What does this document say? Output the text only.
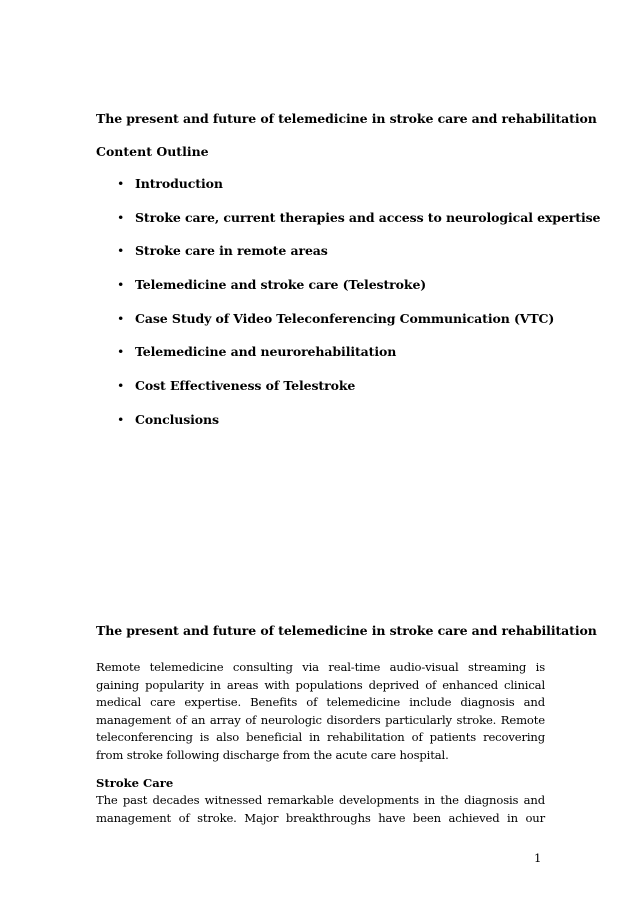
The present and future of telemedicine in stroke care and rehabilitation
Content Outline
• Introduction
• Stroke care, current therapies and access to neurological expertise
• Stroke care in remote areas
• Telemedicine and stroke care (Telestroke)
• Case Study of Video Teleconferencing Communication (VTC)
• Telemedicine and neurorehabilitation
• Cost Effectiveness of Telestroke
• Conclusions
The present and future of telemedicine in stroke care and rehabilitation

Remote telemedicine consulting via real-time audio-visual streaming is gaining popularity in areas with populations deprived of enhanced clinical medical care expertise. Benefits of telemedicine include diagnosis and management of an array of neurologic disorders particularly stroke. Remote teleconferencing is also beneficial in rehabilitation of patients recovering from stroke following discharge from the acute care hospital.

Stroke Care

The past decades witnessed remarkable developments in the diagnosis and management of stroke. Major breakthroughs have been achieved in our

1
